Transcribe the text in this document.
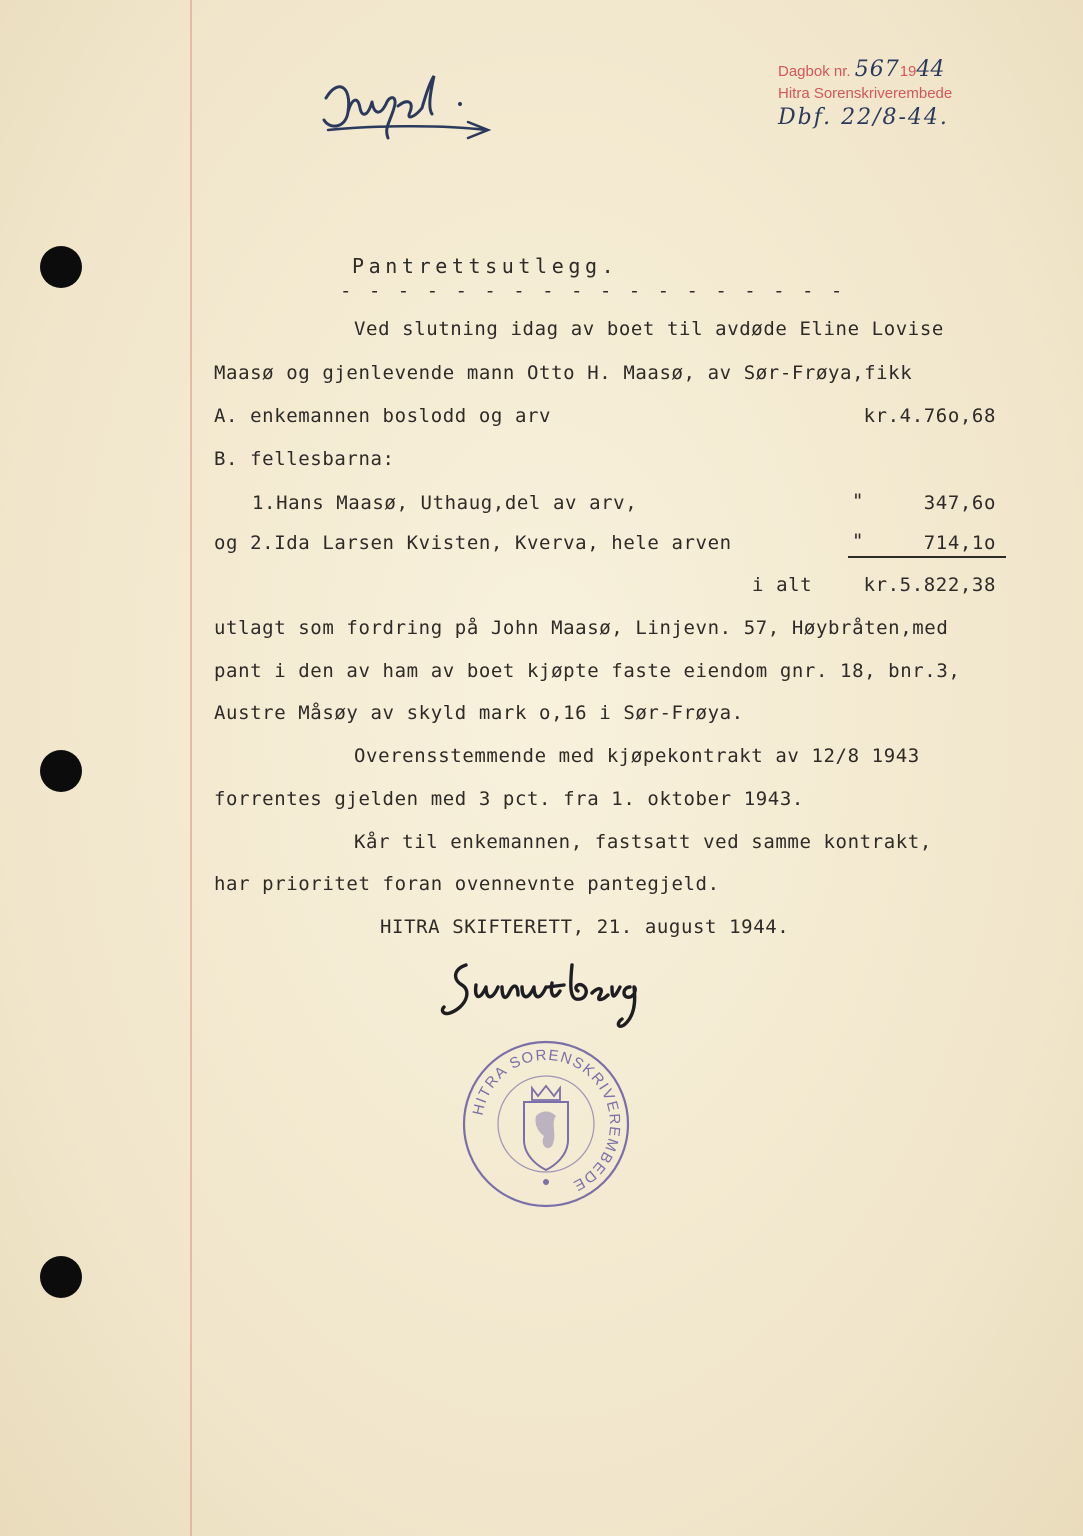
Dagbok nr. 5671944
Hitra Sorenskriverembede
Dbf. 22/8-44.
Pantrettsutlegg.
- - - - - - - - - - - - - - - - - -
Ved slutning idag av boet til avdøde Eline Lovise
Maasø og gjenlevende mann Otto H. Maasø, av Sør-Frøya,fikk
A. enkemannen boslodd og arv	kr.4.76o,68
B. fellesbarna:
1.Hans Maasø, Uthaug,del av arv,	"	347,6o
og 2.Ida Larsen Kvisten, Kverva, hele arven	"	714,1o
i alt	kr.5.822,38
utlagt som fordring på John Maasø, Linjevn. 57, Høybråten,med
pant i den av ham av boet kjøpte faste eiendom gnr. 18, bnr.3,
Austre Måsøy av skyld mark o,16 i Sør-Frøya.
Overensstemmende med kjøpekontrakt av 12/8 1943
forrentes gjelden med 3 pct. fra 1. oktober 1943.
Kår til enkemannen, fastsatt ved samme kontrakt,
har prioritet foran ovennevnte pantegjeld.
HITRA SKIFTERETT, 21. august 1944.
HITRA SORENSKRIVEREMBEDE
